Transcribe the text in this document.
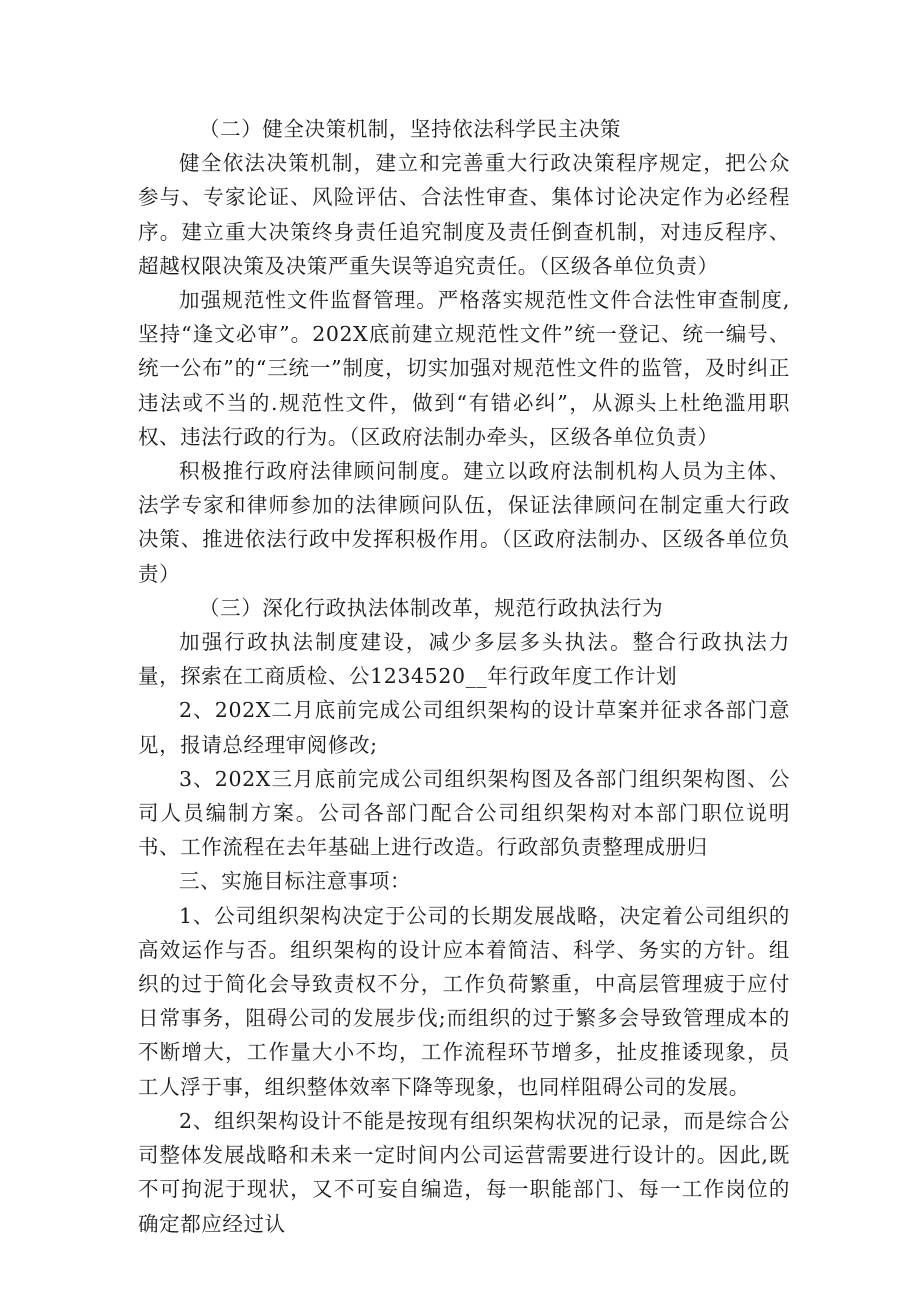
（二）健全决策机制，坚持依法科学民主决策

健全依法决策机制，建立和完善重大行政决策程序规定，把公众参与、专家论证、风险评估、合法性审查、集体讨论决定作为必经程序。建立重大决策终身责任追究制度及责任倒查机制，对违反程序、超越权限决策及决策严重失误等追究责任。（区级各单位负责）

加强规范性文件监督管理。严格落实规范性文件合法性审查制度,坚持“逢文必审”。202X底前建立规范性文件”统一登记、统一编号、统一公布”的“三统一”制度，切实加强对规范性文件的监管，及时纠正违法或不当的.规范性文件，做到“有错必纠”，从源头上杜绝滥用职权、违法行政的行为。（区政府法制办牵头，区级各单位负责）

积极推行政府法律顾问制度。建立以政府法制机构人员为主体、法学专家和律师参加的法律顾问队伍，保证法律顾问在制定重大行政决策、推进依法行政中发挥积极作用。（区政府法制办、区级各单位负责）

（三）深化行政执法体制改革，规范行政执法行为

加强行政执法制度建设，减少多层多头执法。整合行政执法力量，探索在工商质检、公1234520__年行政年度工作计划

2、202X二月底前完成公司组织架构的设计草案并征求各部门意见，报请总经理审阅修改;

3、202X三月底前完成公司组织架构图及各部门组织架构图、公司人员编制方案。公司各部门配合公司组织架构对本部门职位说明书、工作流程在去年基础上进行改造。行政部负责整理成册归

三、实施目标注意事项：

1、公司组织架构决定于公司的长期发展战略，决定着公司组织的高效运作与否。组织架构的设计应本着简洁、科学、务实的方针。组织的过于简化会导致责权不分，工作负荷繁重，中高层管理疲于应付日常事务，阻碍公司的发展步伐;而组织的过于繁多会导致管理成本的不断增大，工作量大小不均，工作流程环节增多，扯皮推诿现象，员工人浮于事，组织整体效率下降等现象，也同样阻碍公司的发展。

2、组织架构设计不能是按现有组织架构状况的记录，而是综合公司整体发展战略和未来一定时间内公司运营需要进行设计的。因此,既不可拘泥于现状，又不可妄自编造，每一职能部门、每一工作岗位的确定都应经过认
